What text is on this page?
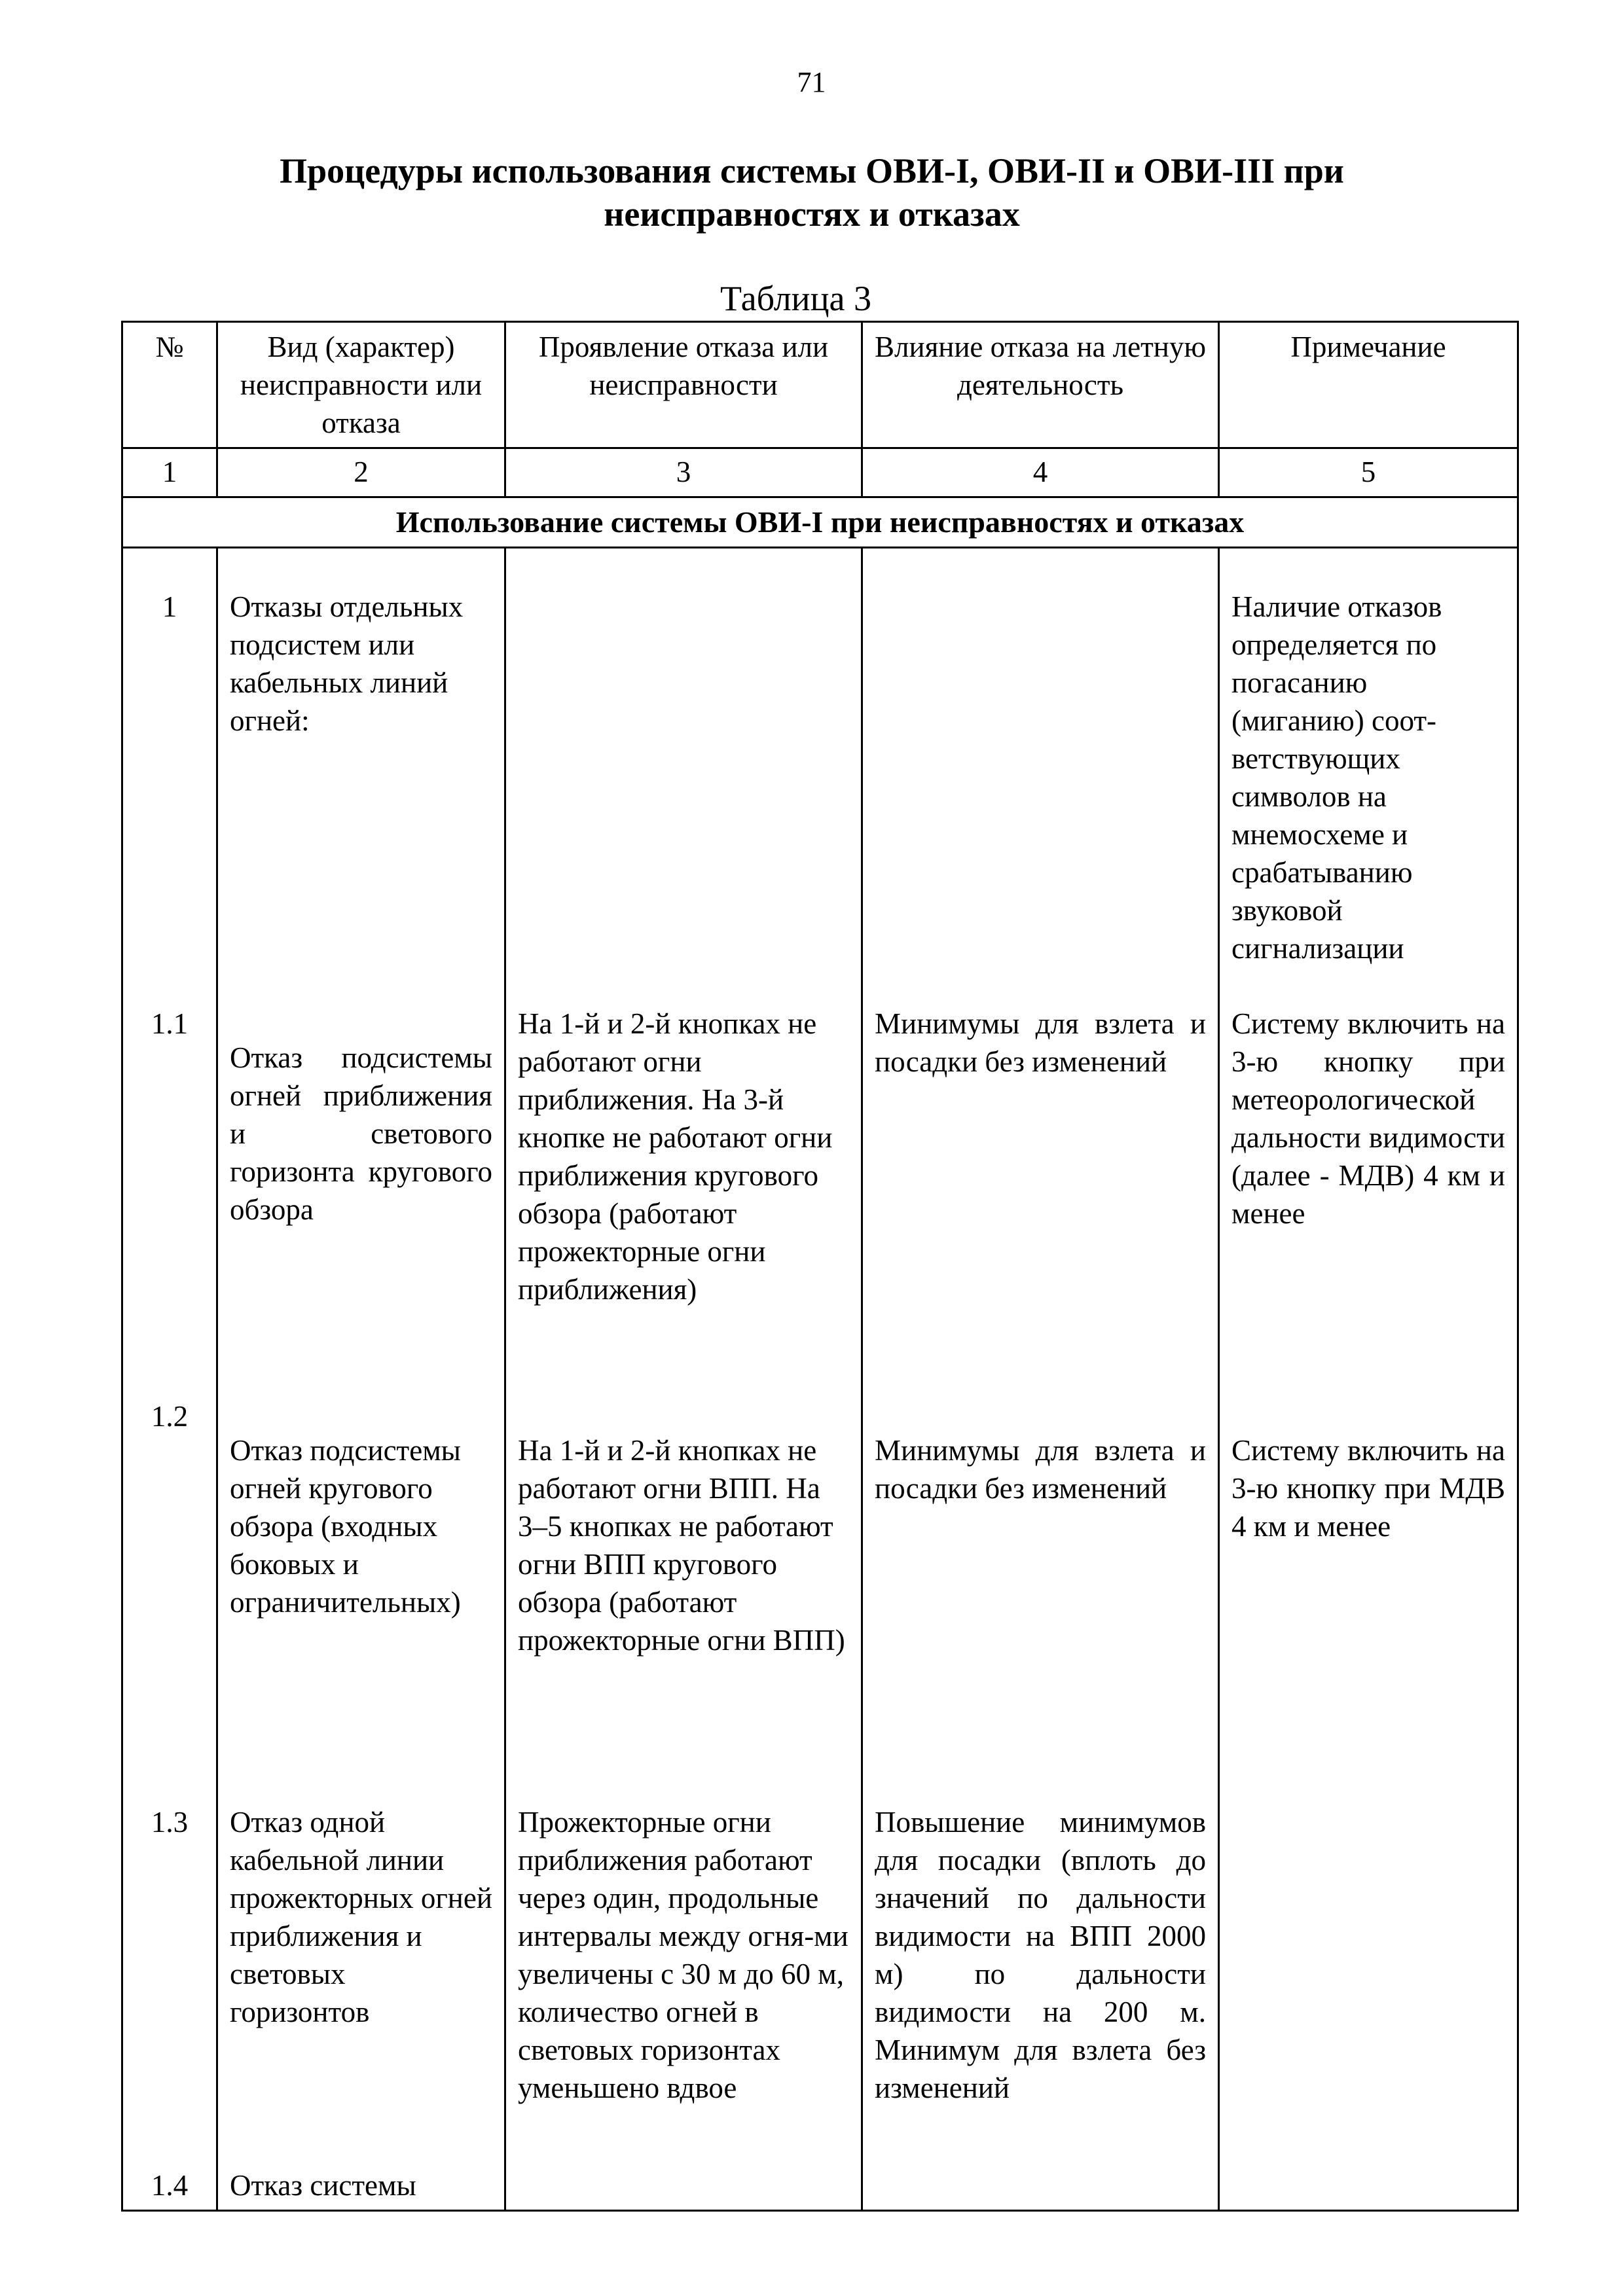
71
Процедуры использования системы ОВИ-I, ОВИ-II и ОВИ-III при неисправностях и отказах
Таблица 3
№	Вид (характер) неисправности или отказа	Проявление отказа или неисправности	Влияние отказа на летную деятельность	Примечание
1	2	3	4	5
Использование системы ОВИ-I при неисправностях и отказах				
1	Отказы отдельных подсистем или кабельных линий огней:			Наличие отказов определяется по погасанию (миганию) соот-ветствующих символов на мнемосхеме и срабатыванию звуковой сигнализации
1.1	Отказ подсистемы огней приближения и светового горизонта кругового обзора	На 1-й и 2-й кнопках не работают огни приближения. На 3-й кнопке не работают огни приближения кругового обзора (работают прожекторные огни приближения)	Минимумы для взлета и посадки без изменений	Систему включить на 3-ю кнопку при метеорологической дальности видимости (далее - МДВ) 4 км и менее
1.2	Отказ подсистемы огней кругового обзора (входных боковых и ограничительных)	На 1-й и 2-й кнопках не работают огни ВПП. На 3–5 кнопках не работают огни ВПП кругового обзора (работают прожекторные огни ВПП)	Минимумы для взлета и посадки без изменений	Систему включить на 3-ю кнопку при МДВ 4 км и менее
1.3	Отказ одной кабельной линии прожекторных огней приближения и световых горизонтов	Прожекторные огни приближения работают через один, продольные интервалы между огня-ми увеличены с 30 м до 60 м, количество огней в световых горизонтах уменьшено вдвое	Повышение минимумов для посадки (вплоть до значений по дальности видимости на ВПП 2000 м) по дальности видимости на 200 м. Минимум для взлета без изменений	
1.4	Отказ системы			
